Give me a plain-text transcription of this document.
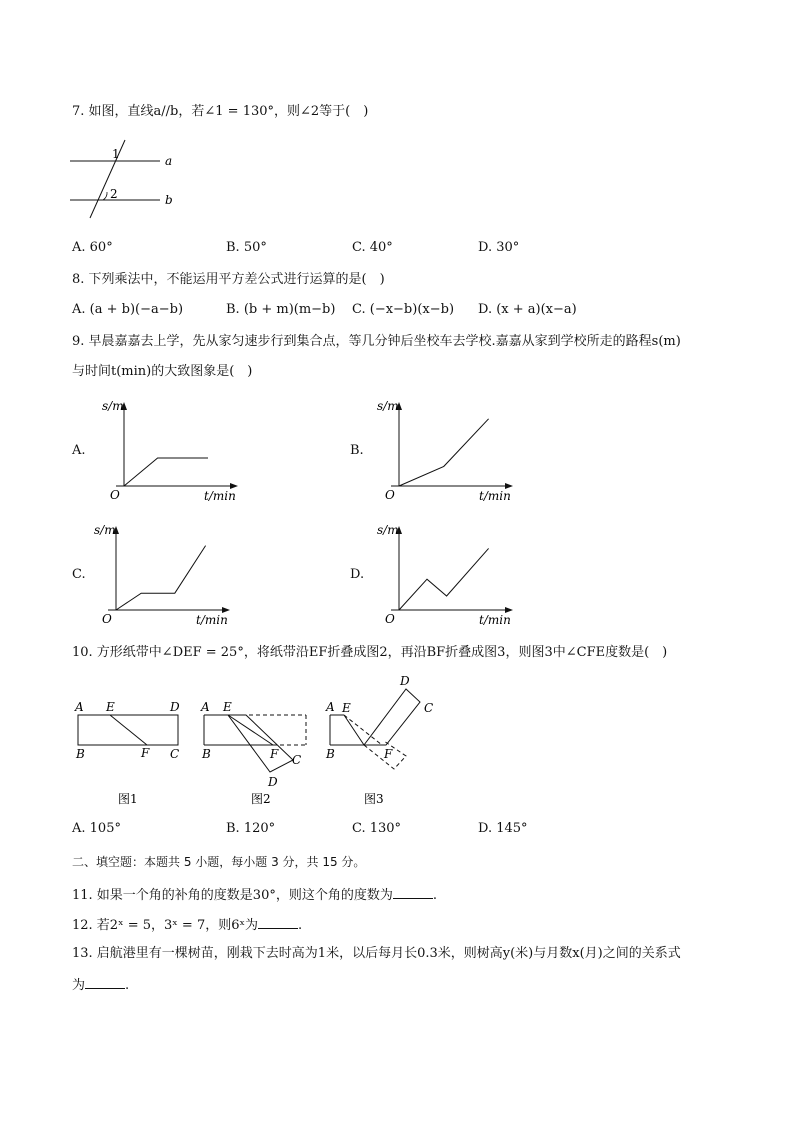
7. 如图，直线a//b，若∠1 = 130°，则∠2等于(　)
1
2
a
b
A. 60°	B. 50°	C. 40°	D. 30°
8. 下列乘法中，不能运用平方差公式进行运算的是(　)
A. (a + b)(−a−b)	B. (b + m)(m−b) C. (−x−b)(x−b) D. (x + a)(x−a)
9. 早晨嘉嘉去上学，先从家匀速步行到集合点，等几分钟后坐校车去学校.嘉嘉从家到学校所走的路程s(m)
与时间t(min)的大致图象是(　)
A.
s/m
t/min
O
B.
s/m
t/min
O
C.
s/m
t/min
O
D.
s/m
t/min
O
10. 方形纸带中∠DEF = 25°，将纸带沿EF折叠成图2，再沿BF折叠成图3，则图3中∠CFE度数是(　)
A E	D
B	F C
图1
A E
B	F C
D
图2
A E
B	F
D
C
图3
A. 105°	B. 120°	C. 130°	D. 145°
二、填空题：本题共 5 小题，每小题 3 分，共 15 分。
11. 如果一个角的补角的度数是30°，则这个角的度数为	.
12. 若2ˣ = 5，3ˣ = 7，则6ˣ为	.
13. 启航港里有一棵树苗，刚栽下去时高为1米，以后每月长0.3米，则树高y(米)与月数x(月)之间的关系式
为	.
